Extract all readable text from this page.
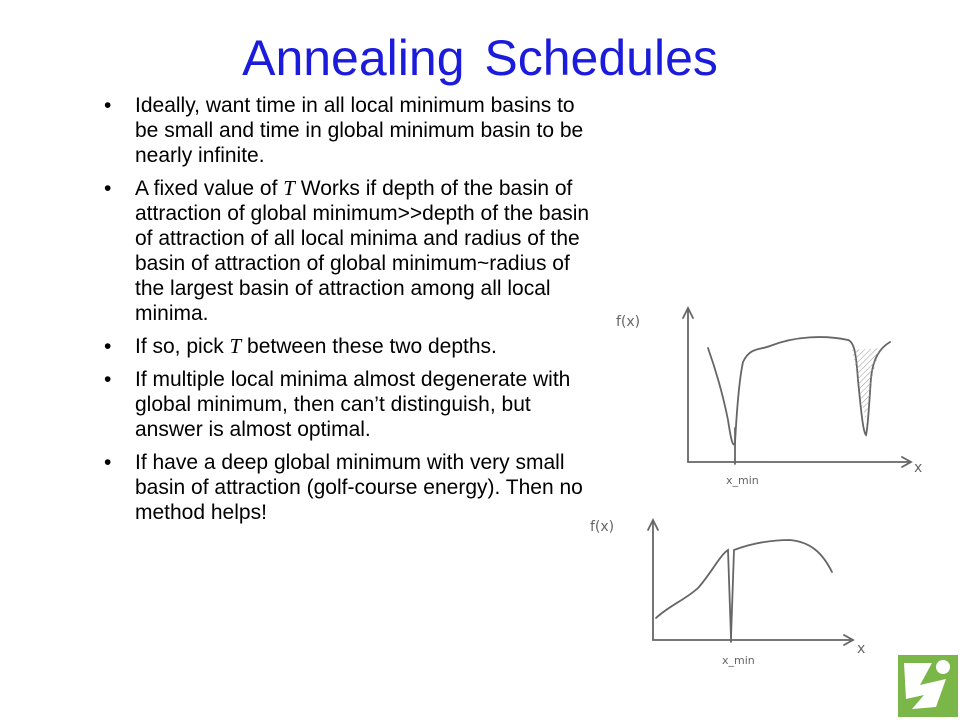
Annealing Schedules
•	Ideally, want time in all local minimum basins to be small and time in global minimum basin to be nearly infinite.
•	A fixed value of T Works if depth of the basin of attraction of global minimum>>depth of the basin of attraction of all local minima and radius of the basin of attraction of global minimum~radius of the largest basin of attraction among all local minima.
•	If so, pick T between these two depths.
•	If multiple local minima almost degenerate with global minimum, then can’t distinguish, but answer is almost optimal.
•	If have a deep global minimum with very small basin of attraction (golf-course energy). Then no method helps!
f(x)
x
x_min
f(x)
x
x_min
